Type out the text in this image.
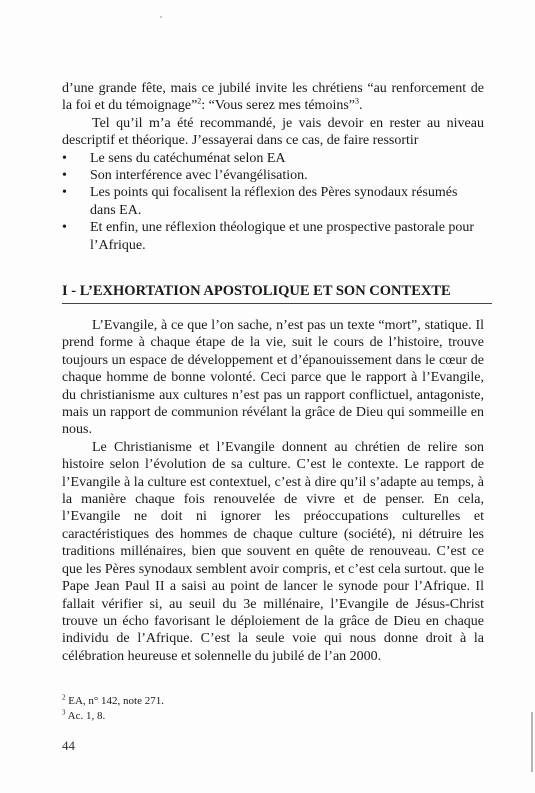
d’une grande fête, mais ce jubilé invite les chrétiens “au renforcement de la foi et du témoignage”$^2$: “Vous serez mes témoins”$^3$.

Tel qu’il m’a été recommandé, je vais devoir en rester au niveau descriptif et théorique. J’essayerai dans ce cas, de faire ressortir

•	Le sens du catéchuménat selon EA
•	Son interférence avec l’évangélisation.
•	Les points qui focalisent la réflexion des Pères synodaux résumés dans EA.
•	Et enfin, une réflexion théologique et une prospective pastorale pour l’Afrique.
I - L’EXHORTATION APOSTOLIQUE ET SON CONTEXTE

L’Evangile, à ce que l’on sache, n’est pas un texte “mort”, statique. Il prend forme à chaque étape de la vie, suit le cours de l’histoire, trouve toujours un espace de développement et d’épanouissement dans le cœur de chaque homme de bonne volonté. Ceci parce que le rapport à l’Evangile, du christianisme aux cultures n’est pas un rapport conflictuel, antagoniste, mais un rapport de communion révélant la grâce de Dieu qui sommeille en nous.

Le Christianisme et l’Evangile donnent au chrétien de relire son histoire selon l’évolution de sa culture. C’est le contexte. Le rapport de l’Evangile à la culture est contextuel, c’est à dire qu’il s’adapte au temps, à la manière chaque fois renouvelée de vivre et de penser. En cela, l’Evangile ne doit ni ignorer les préoccupations culturelles et caractéristiques des hommes de chaque culture (société), ni détruire les traditions millénaires, bien que souvent en quête de renouveau. C’est ce que les Pères synodaux semblent avoir compris, et c’est cela surtout. que le Pape Jean Paul II a saisi au point de lancer le synode pour l’Afrique. Il fallait vérifier si, au seuil du 3e millénaire, l’Evangile de Jésus-Christ trouve un écho favorisant le déploiement de la grâce de Dieu en chaque individu de l’Afrique. C’est la seule voie qui nous donne droit à la célébration heureuse et solennelle du jubilé de l’an 2000.

$^2$ EA, n° 142, note 271.

$^3$ Ac. 1, 8.

44
